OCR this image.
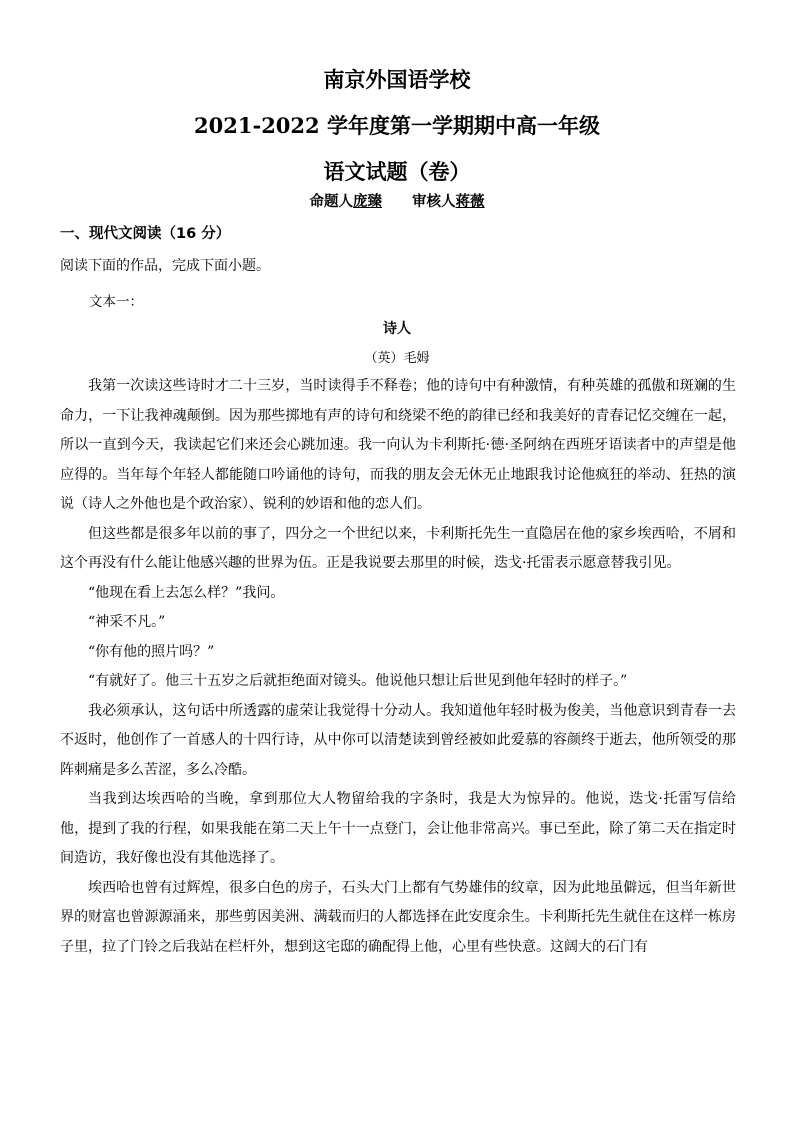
南京外国语学校
2021-2022 学年度第一学期期中高一年级
语文试题（卷）
命题人庞臻 审核人蒋薇
一、现代文阅读（16 分）
阅读下面的作品，完成下面小题。
文本一：
诗人
（英）毛姆

我第一次读这些诗时才二十三岁，当时读得手不释卷；他的诗句中有种激情，有种英雄的孤傲和斑斓的生命力，一下让我神魂颠倒。因为那些掷地有声的诗句和绕梁不绝的韵律已经和我美好的青春记忆交缠在一起，所以一直到今天，我读起它们来还会心跳加速。我一向认为卡利斯托·德·圣阿纳在西班牙语读者中的声望是他应得的。当年每个年轻人都能随口吟诵他的诗句，而我的朋友会无休无止地跟我讨论他疯狂的举动、狂热的演说（诗人之外他也是个政治家）、锐利的妙语和他的恋人们。

但这些都是很多年以前的事了，四分之一个世纪以来，卡利斯托先生一直隐居在他的家乡埃西哈，不屑和这个再没有什么能让他感兴趣的世界为伍。正是我说要去那里的时候，迭戈·托雷表示愿意替我引见。

“他现在看上去怎么样？”我问。

“神采不凡。”

“你有他的照片吗？”

“有就好了。他三十五岁之后就拒绝面对镜头。他说他只想让后世见到他年轻时的样子。”

我必须承认，这句话中所透露的虚荣让我觉得十分动人。我知道他年轻时极为俊美，当他意识到青春一去不返时，他创作了一首感人的十四行诗，从中你可以清楚读到曾经被如此爱慕的容颜终于逝去，他所领受的那阵刺痛是多么苦涩，多么冷酷。

当我到达埃西哈的当晚，拿到那位大人物留给我的字条时，我是大为惊异的。他说，迭戈·托雷写信给他，提到了我的行程，如果我能在第二天上午十一点登门，会让他非常高兴。事已至此，除了第二天在指定时间造访，我好像也没有其他选择了。

埃西哈也曾有过辉煌，很多白色的房子，石头大门上都有气势雄伟的纹章，因为此地虽僻远，但当年新世界的财富也曾源源涌来，那些剪因美洲、满载而归的人都选择在此安度余生。卡利斯托先生就住在这样一栋房子里，拉了门铃之后我站在栏杆外，想到这宅邸的确配得上他，心里有些快意。这阔大的石门有
